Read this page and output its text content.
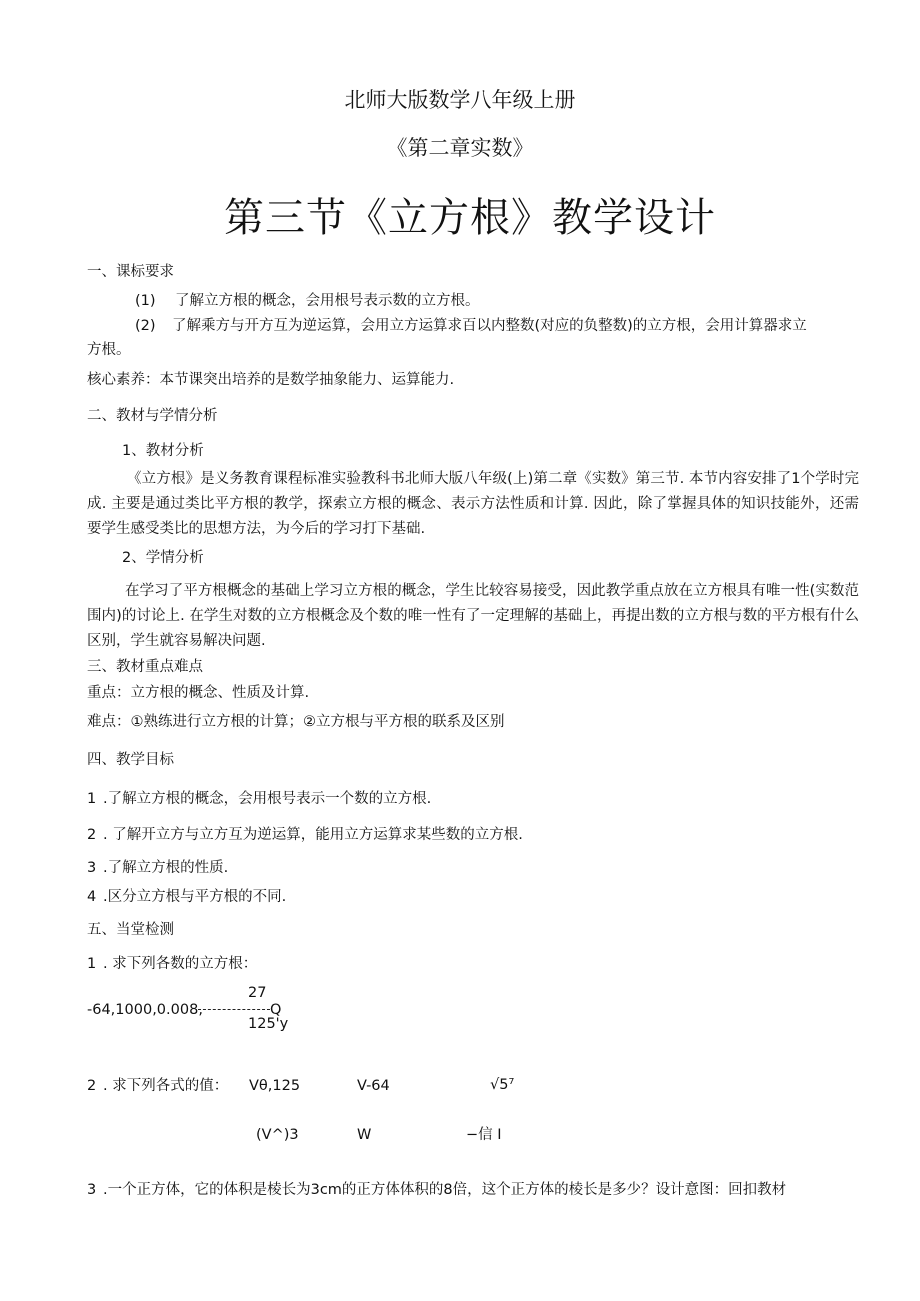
北师大版数学八年级上册
《第二章实数》
第三节《立方根》教学设计
一、课标要求
(1) 了解立方根的概念，会用根号表示数的立方根。
(2) 了解乘方与开方互为逆运算，会用立方运算求百以内整数(对应的负整数)的立方根，会用计算器求立
方根。
核心素养：本节课突出培养的是数学抽象能力、运算能力.
二、教材与学情分析
1、教材分析
《立方根》是义务教育课程标准实验教科书北师大版八年级(上)第二章《实数》第三节. 本节内容安排了1个学时完成. 主要是通过类比平方根的教学，探索立方根的概念、表示方法性质和计算. 因此，除了掌握具体的知识技能外，还需要学生感受类比的思想方法，为今后的学习打下基础.
2、学情分析
在学习了平方根概念的基础上学习立方根的概念，学生比较容易接受，因此教学重点放在立方根具有唯一性(实数范围内)的讨论上. 在学生对数的立方根概念及个数的唯一性有了一定理解的基础上，再提出数的立方根与数的平方根有什么区别，学生就容易解决问题.
三、教材重点难点
重点：立方根的概念、性质及计算.
难点：①熟练进行立方根的计算；②立方根与平方根的联系及区别
四、教学目标
1 .了解立方根的概念，会用根号表示一个数的立方根.
2 . 了解开立方与立方互为逆运算，能用立方运算求某些数的立方根.
3 .了解立方根的性质.
4 .区分立方根与平方根的不同.
五、当堂检测
1 . 求下列各数的立方根：
-64,1000,0.008,
27
Q
125'y
2 . 求下列各式的值： Vθ,125	V-64	√5⁷
(V^)3	W	−信 I
3 .一个正方体，它的体积是棱长为3cm的正方体体积的8倍，这个正方体的棱长是多少？设计意图：回扣教材
